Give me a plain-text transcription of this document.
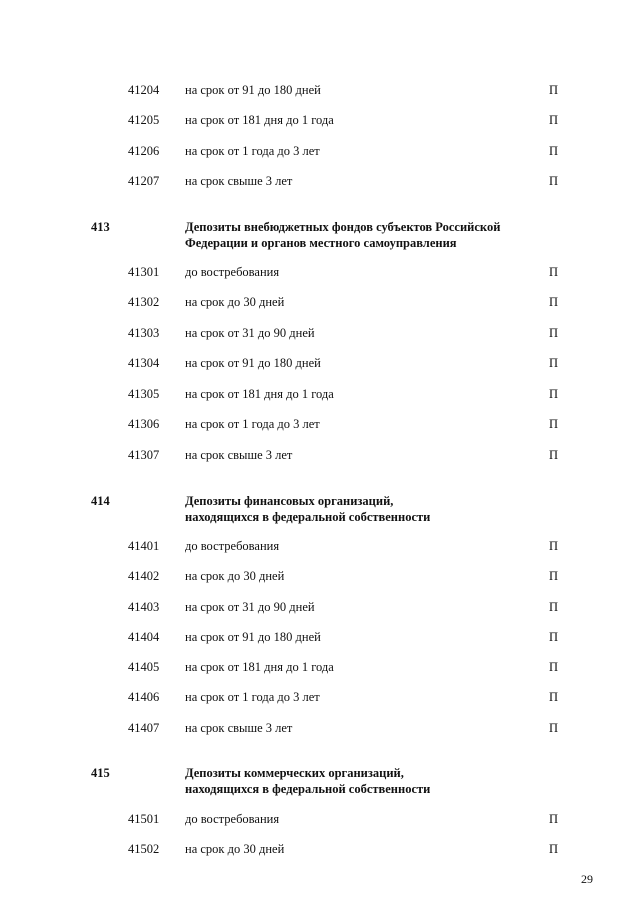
41204 на срок от 91 до 180 дней	П
41205 на срок от 181 дня до 1 года	П
41206 на срок от 1 года до 3 лет	П
41207 на срок свыше 3 лет	П
413	Депозиты внебюджетных фондов субъектов Российской
Федерации и органов местного самоуправления
41301 до востребования	П
41302 на срок до 30 дней	П
41303 на срок от 31 до 90 дней	П
41304 на срок от 91 до 180 дней	П
41305 на срок от 181 дня до 1 года	П
41306 на срок от 1 года до 3 лет	П
41307 на срок свыше 3 лет	П
414	Депозиты финансовых организаций,
находящихся в федеральной собственности
41401 до востребования	П
41402 на срок до 30 дней	П
41403 на срок от 31 до 90 дней	П
41404 на срок от 91 до 180 дней	П
41405 на срок от 181 дня до 1 года	П
41406 на срок от 1 года до 3 лет	П
41407 на срок свыше 3 лет	П
415	Депозиты коммерческих организаций,
находящихся в федеральной собственности
41501 до востребования	П
41502 на срок до 30 дней	П
29
